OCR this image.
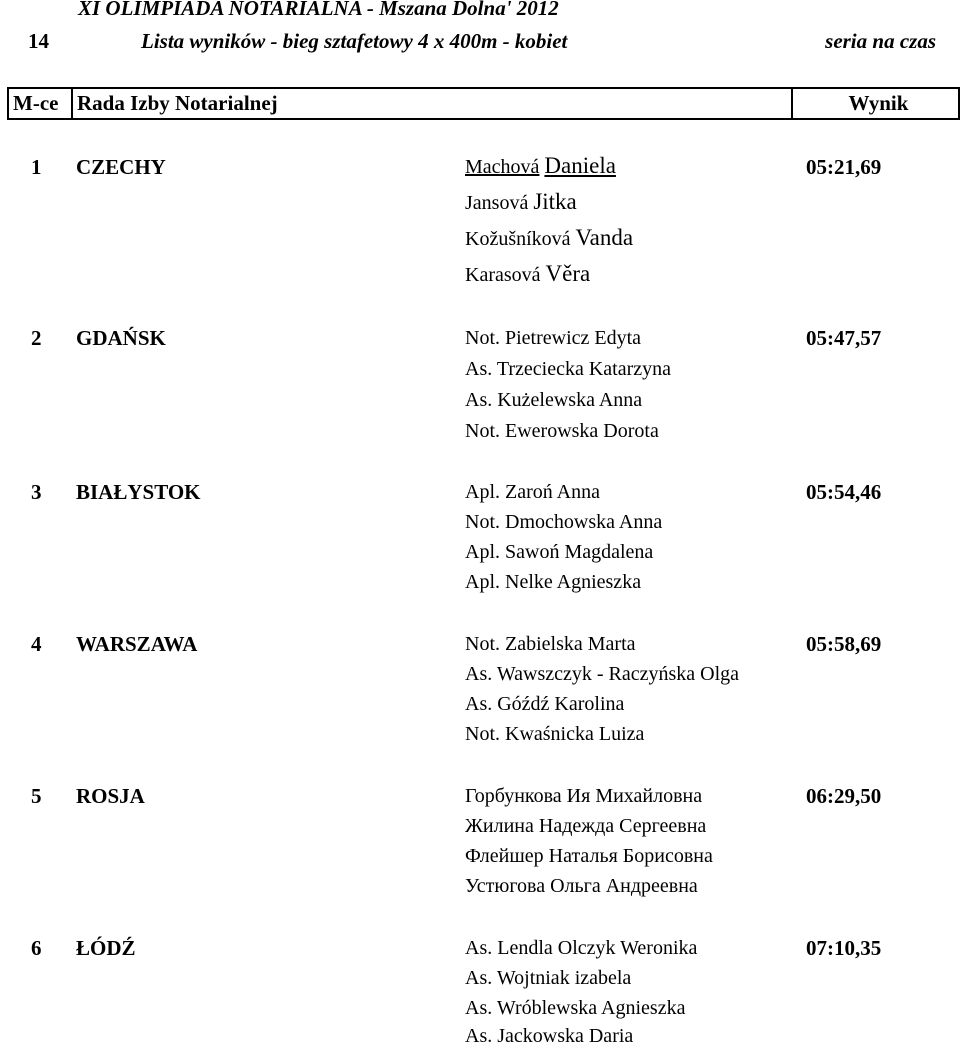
XI OLIMPIADA NOTARIALNA - Mszana Dolna' 2012
14	Lista wyników - bieg sztafetowy 4 x 400m - kobiet	seria na czas
M-ce Rada Izby Notarialnej	Wynik
1 CZECHY	05:21,69
Machová Daniela
Jansová Jitka
Kožušníková Vanda
Karasová Věra
2 GDAŃSK	05:47,57
Not. Pietrewicz Edyta
As. Trzeciecka Katarzyna
As. Kużelewska Anna
Not. Ewerowska Dorota
3 BIAŁYSTOK	05:54,46
Apl. Zaroń Anna
Not. Dmochowska Anna
Apl. Sawoń Magdalena
Apl. Nelke Agnieszka
4 WARSZAWA	05:58,69
Not. Zabielska Marta
As. Wawszczyk - Raczyńska Olga
As. Góźdź Karolina
Not. Kwaśnicka Luiza
5 ROSJA	06:29,50
Горбункова Ия Михайловна
Жилина Надежда Сергеевна
Флейшер Наталья Борисовна
Устюгова Ольга Андреевна
6 ŁÓDŹ	07:10,35
As. Lendla Olczyk Weronika
As. Wojtniak izabela
As. Wróblewska Agnieszka
As. Jackowska Daria
